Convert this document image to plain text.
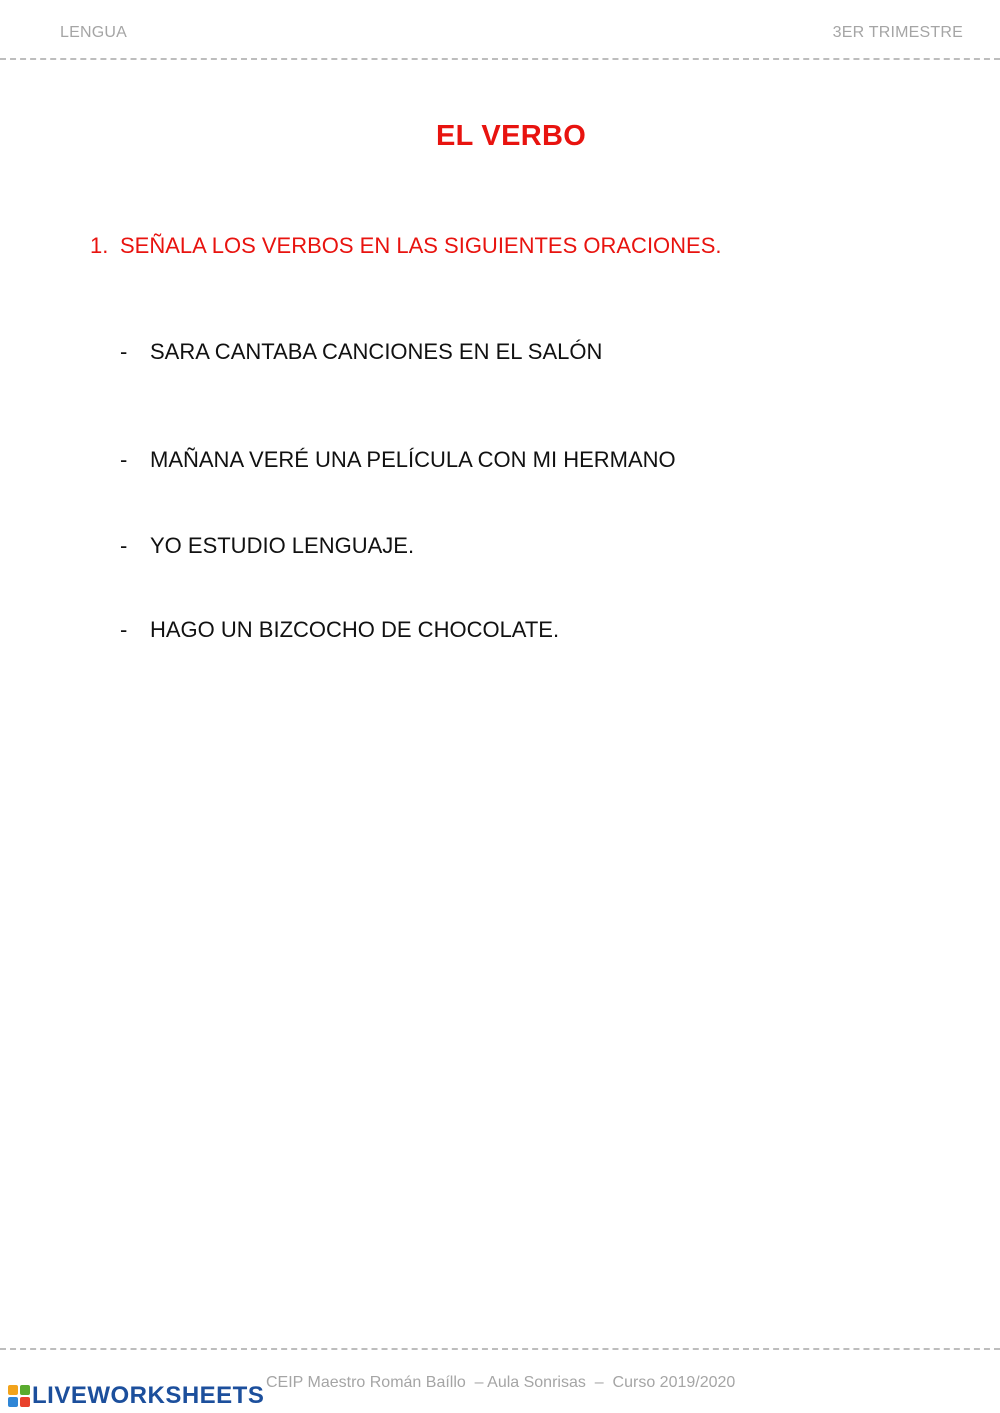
LENGUA	3ER TRIMESTRE
EL VERBO
1. SEÑALA LOS VERBOS EN LAS SIGUIENTES ORACIONES.
- SARA CANTABA CANCIONES EN EL SALÓN
- MAÑANA VERÉ UNA PELÍCULA CON MI HERMANO
- YO ESTUDIO LENGUAJE.
- HAGO UN BIZCOCHO DE CHOCOLATE.
CEIP Maestro Román Baíllo  – Aula Sonrisas  –  Curso 2019/2020
LIVEWORKSHEETS
